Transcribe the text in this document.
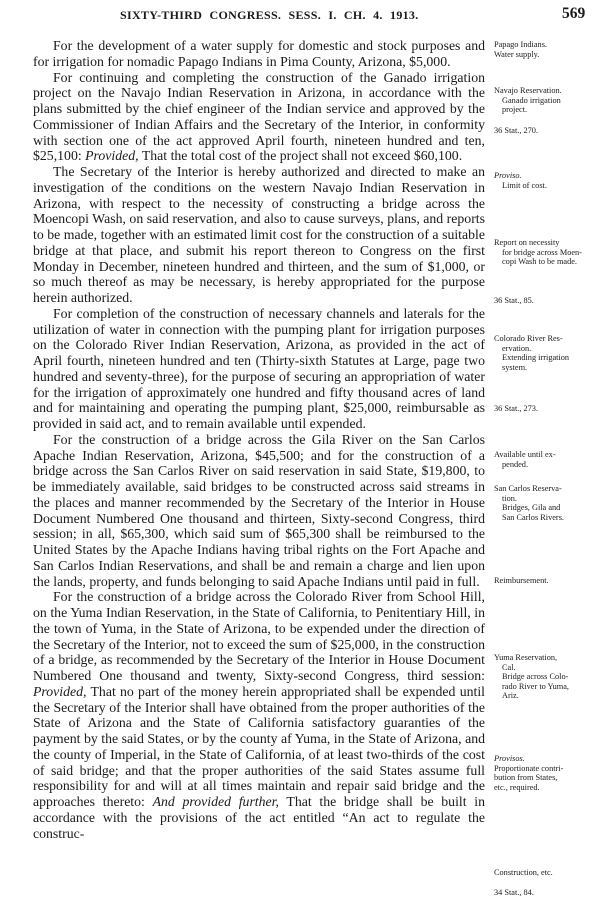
SIXTY-THIRD CONGRESS. SESS. I. CH. 4. 1913.	569

For the development of a water supply for domestic and stock purposes and for irrigation for nomadic Papago Indians in Pima County, Arizona, $5,000.

For continuing and completing the construction of the Ganado irrigation project on the Navajo Indian Reservation in Arizona, in accordance with the plans submitted by the chief engineer of the Indian service and approved by the Commissioner of Indian Affairs and the Secretary of the Interior, in conformity with section one of the act approved April fourth, nineteen hundred and ten, $25,100: Provided, That the total cost of the project shall not exceed $60,100.

The Secretary of the Interior is hereby authorized and directed to make an investigation of the conditions on the western Navajo Indian Reservation in Arizona, with respect to the necessity of constructing a bridge across the Moencopi Wash, on said reservation, and also to cause surveys, plans, and reports to be made, together with an estimated limit cost for the construction of a suitable bridge at that place, and submit his report thereon to Congress on the first Monday in December, nineteen hundred and thirteen, and the sum of $1,000, or so much thereof as may be necessary, is hereby appropriated for the purpose herein authorized.

For completion of the construction of necessary channels and laterals for the utilization of water in connection with the pumping plant for irrigation purposes on the Colorado River Indian Reservation, Arizona, as provided in the act of April fourth, nineteen hundred and ten (Thirty-sixth Statutes at Large, page two hundred and seventy-three), for the purpose of securing an appropriation of water for the irrigation of approximately one hundred and fifty thousand acres of land and for maintaining and operating the pumping plant, $25,000, reimbursable as provided in said act, and to remain available until expended.

For the construction of a bridge across the Gila River on the San Carlos Apache Indian Reservation, Arizona, $45,500; and for the construction of a bridge across the San Carlos River on said reservation in said State, $19,800, to be immediately available, said bridges to be constructed across said streams in the places and manner recommended by the Secretary of the Interior in House Document Numbered One thousand and thirteen, Sixty-second Congress, third session; in all, $65,300, which said sum of $65,300 shall be reimbursed to the United States by the Apache Indians having tribal rights on the Fort Apache and San Carlos Indian Reservations, and shall be and remain a charge and lien upon the lands, property, and funds belonging to said Apache Indians until paid in full.

For the construction of a bridge across the Colorado River from School Hill, on the Yuma Indian Reservation, in the State of California, to Penitentiary Hill, in the town of Yuma, in the State of Arizona, to be expended under the direction of the Secretary of the Interior, not to exceed the sum of $25,000, in the construction of a bridge, as recommended by the Secretary of the Interior in House Document Numbered One thousand and twenty, Sixty-second Congress, third session: Provided, That no part of the money herein appropriated shall be expended until the Secretary of the Interior shall have obtained from the proper authorities of the State of Arizona and the State of California satisfactory guaranties of the payment by the said States, or by the county af Yuma, in the State of Arizona, and the county of Imperial, in the State of California, of at least two-thirds of the cost of said bridge; and that the proper authorities of the said States assume full responsibility for and will at all times maintain and repair said bridge and the approaches thereto: And provided further, That the bridge shall be built in accordance with the provisions of the act entitled “An act to regulate the construc-

Papago Indians.
Water supply.
Navajo Reservation.
Ganado irrigation
project.
36 Stat., 270.
Proviso.
Limit of cost.
Report on necessity
for bridge across Moen-
copi Wash to be made.
36 Stat., 85.
Colorado River Res-
ervation.
Extending irrigation
system.
36 Stat., 273.
Available until ex-
pended.
San Carlos Reserva-
tion.
Bridges, Gila and
San Carlos Rivers.
Reimbursement.
Yuma Reservation,
Cal.
Bridge across Colo-
rado River to Yuma,
Ariz.
Provisos.
Proportionate contri-
bution from States,
etc., required.
Construction, etc.
34 Stat., 84.
